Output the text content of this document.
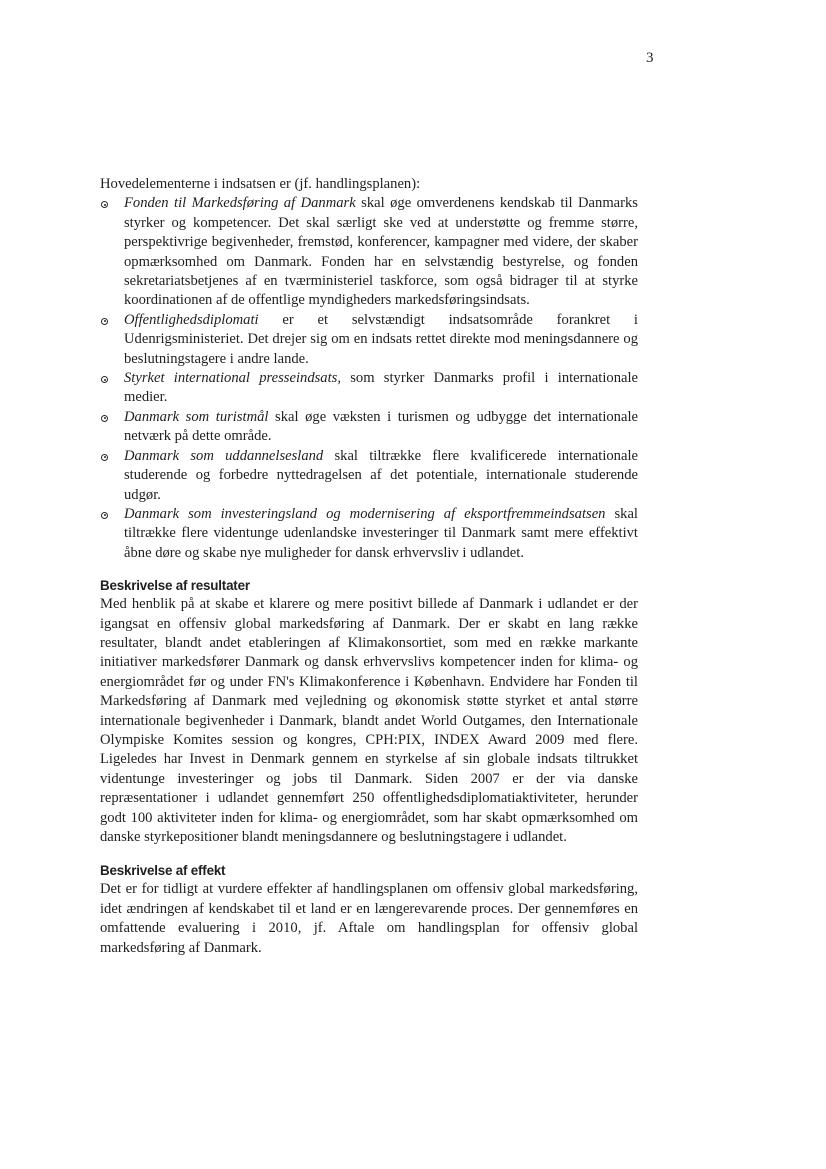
3

Hovedelementerne i indsatsen er (jf. handlingsplanen):

Fonden til Markedsføring af Danmark skal øge omverdenens kendskab til Danmarks styrker og kompetencer. Det skal særligt ske ved at understøtte og fremme større, perspektivrige begivenheder, fremstød, konferencer, kampagner med videre, der skaber opmærksomhed om Danmark. Fonden har en selvstændig bestyrelse, og fonden sekretariatsbetjenes af en tværministeriel taskforce, som også bidrager til at styrke koordinationen af de offentlige myndigheders markedsføringsindsats.
Offentlighedsdiplomati er et selvstændigt indsatsområde forankret i Udenrigsministeriet. Det drejer sig om en indsats rettet direkte mod meningsdannere og beslutningstagere i andre lande.
Styrket international presseindsats, som styrker Danmarks profil i internationale medier.
Danmark som turistmål skal øge væksten i turismen og udbygge det internationale netværk på dette område.
Danmark som uddannelsesland skal tiltrække flere kvalificerede internationale studerende og forbedre nyttedragelsen af det potentiale, internationale studerende udgør.
Danmark som investeringsland og modernisering af eksportfremmeindsatsen skal tiltrække flere videntunge udenlandske investeringer til Danmark samt mere effektivt åbne døre og skabe nye muligheder for dansk erhvervsliv i udlandet.
Beskrivelse af resultater

Med henblik på at skabe et klarere og mere positivt billede af Danmark i udlandet er der igangsat en offensiv global markedsføring af Danmark. Der er skabt en lang række resultater, blandt andet etableringen af Klimakonsortiet, som med en række markante initiativer markedsfører Danmark og dansk erhvervslivs kompetencer inden for klima- og energiområdet før og under FN's Klimakonference i København. Endvidere har Fonden til Markedsføring af Danmark med vejledning og økonomisk støtte styrket et antal større internationale begivenheder i Danmark, blandt andet World Outgames, den Internationale Olympiske Komites session og kongres, CPH:PIX, INDEX Award 2009 med flere. Ligeledes har Invest in Denmark gennem en styrkelse af sin globale indsats tiltrukket videntunge investeringer og jobs til Danmark. Siden 2007 er der via danske repræsentationer i udlandet gennemført 250 offentlighedsdiplomatiaktiviteter, herunder godt 100 aktiviteter inden for klima- og energiområdet, som har skabt opmærksomhed om danske styrkepositioner blandt meningsdannere og beslutningstagere i udlandet.

Beskrivelse af effekt

Det er for tidligt at vurdere effekter af handlingsplanen om offensiv global markedsføring, idet ændringen af kendskabet til et land er en længerevarende proces. Der gennemføres en omfattende evaluering i 2010, jf. Aftale om handlingsplan for offensiv global markedsføring af Danmark.
